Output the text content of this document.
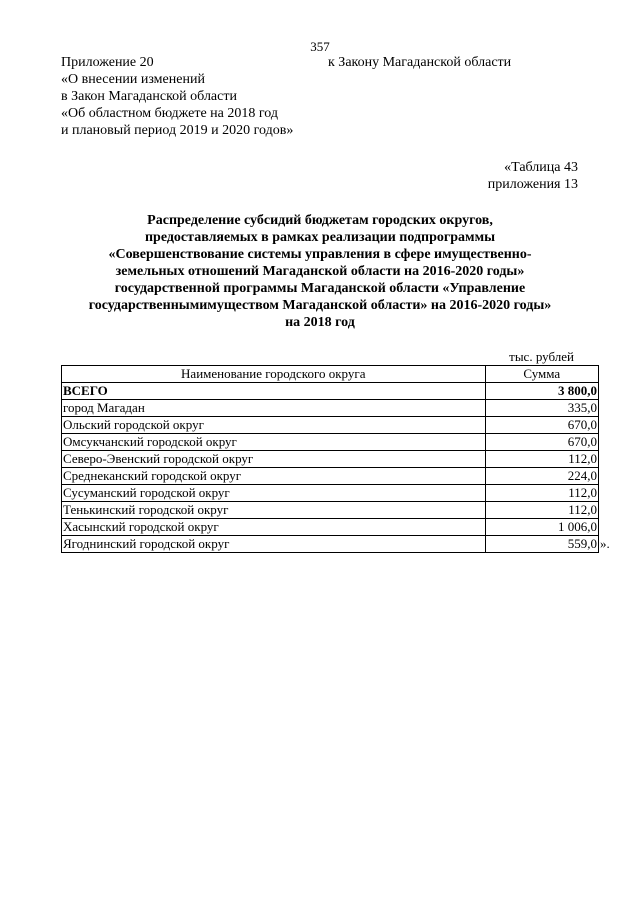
357
Приложение 20
«О внесении изменений
в Закон Магаданской области
«Об областном бюджете на 2018 год
и плановый период 2019 и 2020 годов»
к Закону Магаданской области
«Таблица 43
приложения 13
Распределение субсидий бюджетам городских округов,
предоставляемых в рамках реализации подпрограммы
«Совершенствование системы управления в сфере имущественно-
земельных отношений Магаданской области на 2016-2020 годы»
государственной программы Магаданской области «Управление
государственнымимуществом Магаданской области» на 2016-2020 годы»
на 2018 год
тыс. рублей
Наименование городского округа	Сумма
ВСЕГО	3 800,0
город Магадан	335,0
Ольский городской округ	670,0
Омсукчанский городской округ	670,0
Северо-Эвенский городской округ	112,0
Среднеканский городской округ	224,0
Сусуманский городской округ	112,0
Тенькинский городской округ	112,0
Хасынский городской округ	1 006,0
Ягоднинский городской округ	559,0 ».
